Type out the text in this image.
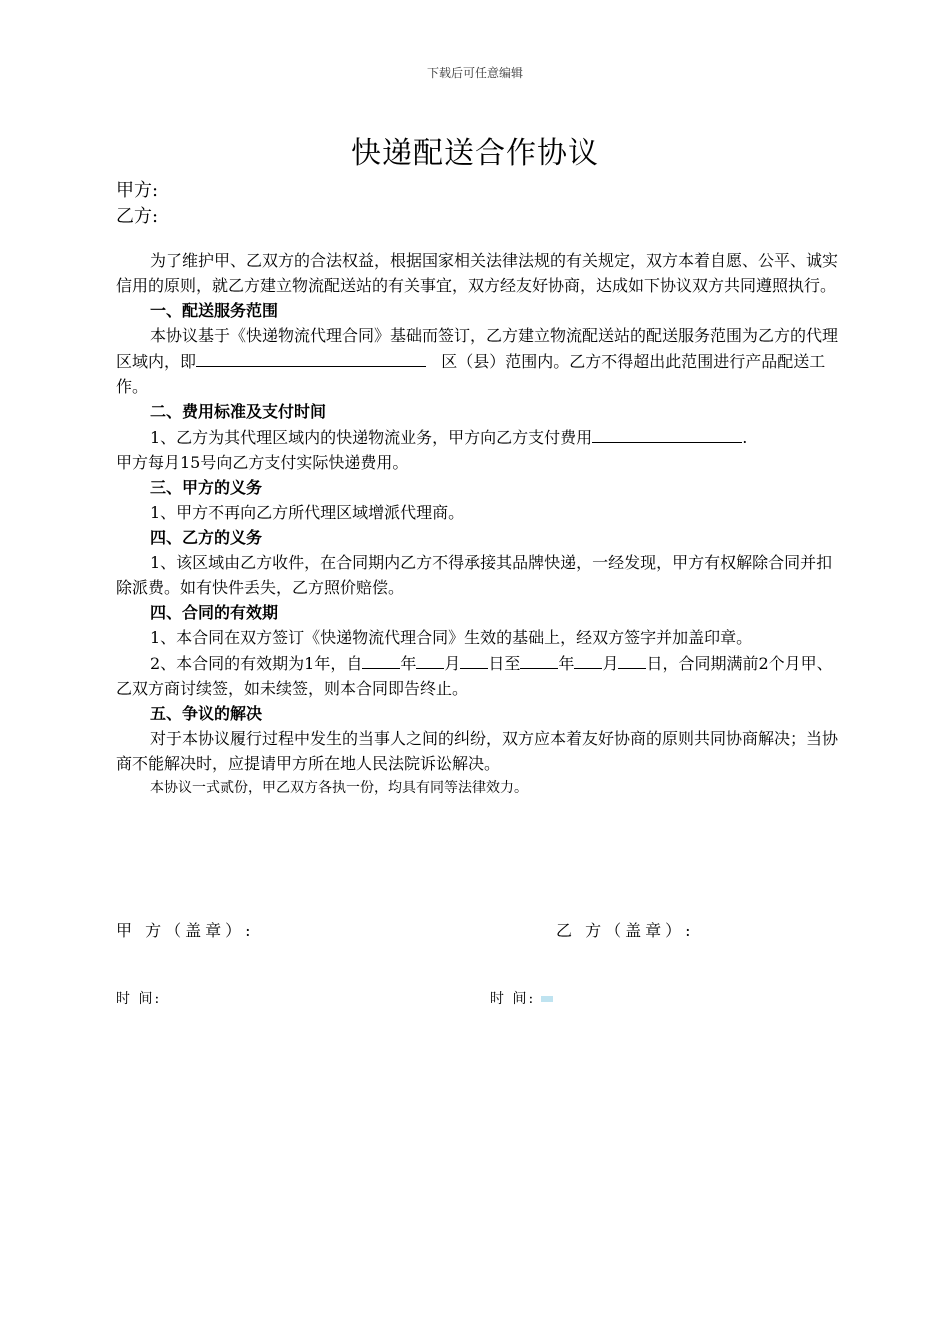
下载后可任意编辑
快递配送合作协议
甲方:
乙方:

为了维护甲、乙双方的合法权益，根据国家相关法律法规的有关规定，双方本着自愿、公平、诚实信用的原则，就乙方建立物流配送站的有关事宜，双方经友好协商，达成如下协议双方共同遵照执行。

一、配送服务范围

本协议基于《快递物流代理合同》基础而签订，乙方建立物流配送站的配送服务范围为乙方的代理区域内，即	区（县）范围内。乙方不得超出此范围进行产品配送工作。

二、费用标准及支付时间

1、乙方为其代理区域内的快递物流业务，甲方向乙方支付费用	.

甲方每月15号向乙方支付实际快递费用。

三、甲方的义务

1、甲方不再向乙方所代理区域增派代理商。

四、乙方的义务

1、该区域由乙方收件，在合同期内乙方不得承接其品牌快递，一经发现，甲方有权解除合同并扣除派费。如有快件丢失，乙方照价赔偿。

四、合同的有效期

1、本合同在双方签订《快递物流代理合同》生效的基础上，经双方签字并加盖印章。

2、本合同的有效期为1年，自 年 月 日至 年 月 日，合同期满前2个月甲、乙双方商讨续签，如未续签，则本合同即告终止。

五、争议的解决

对于本协议履行过程中发生的当事人之间的纠纷，双方应本着友好协商的原则共同协商解决；当协商不能解决时，应提请甲方所在地人民法院诉讼解决。

本协议一式贰份，甲乙双方各执一份，均具有同等法律效力。

甲 方（盖章）:	乙 方（盖章）:
时 间:	时 间:
